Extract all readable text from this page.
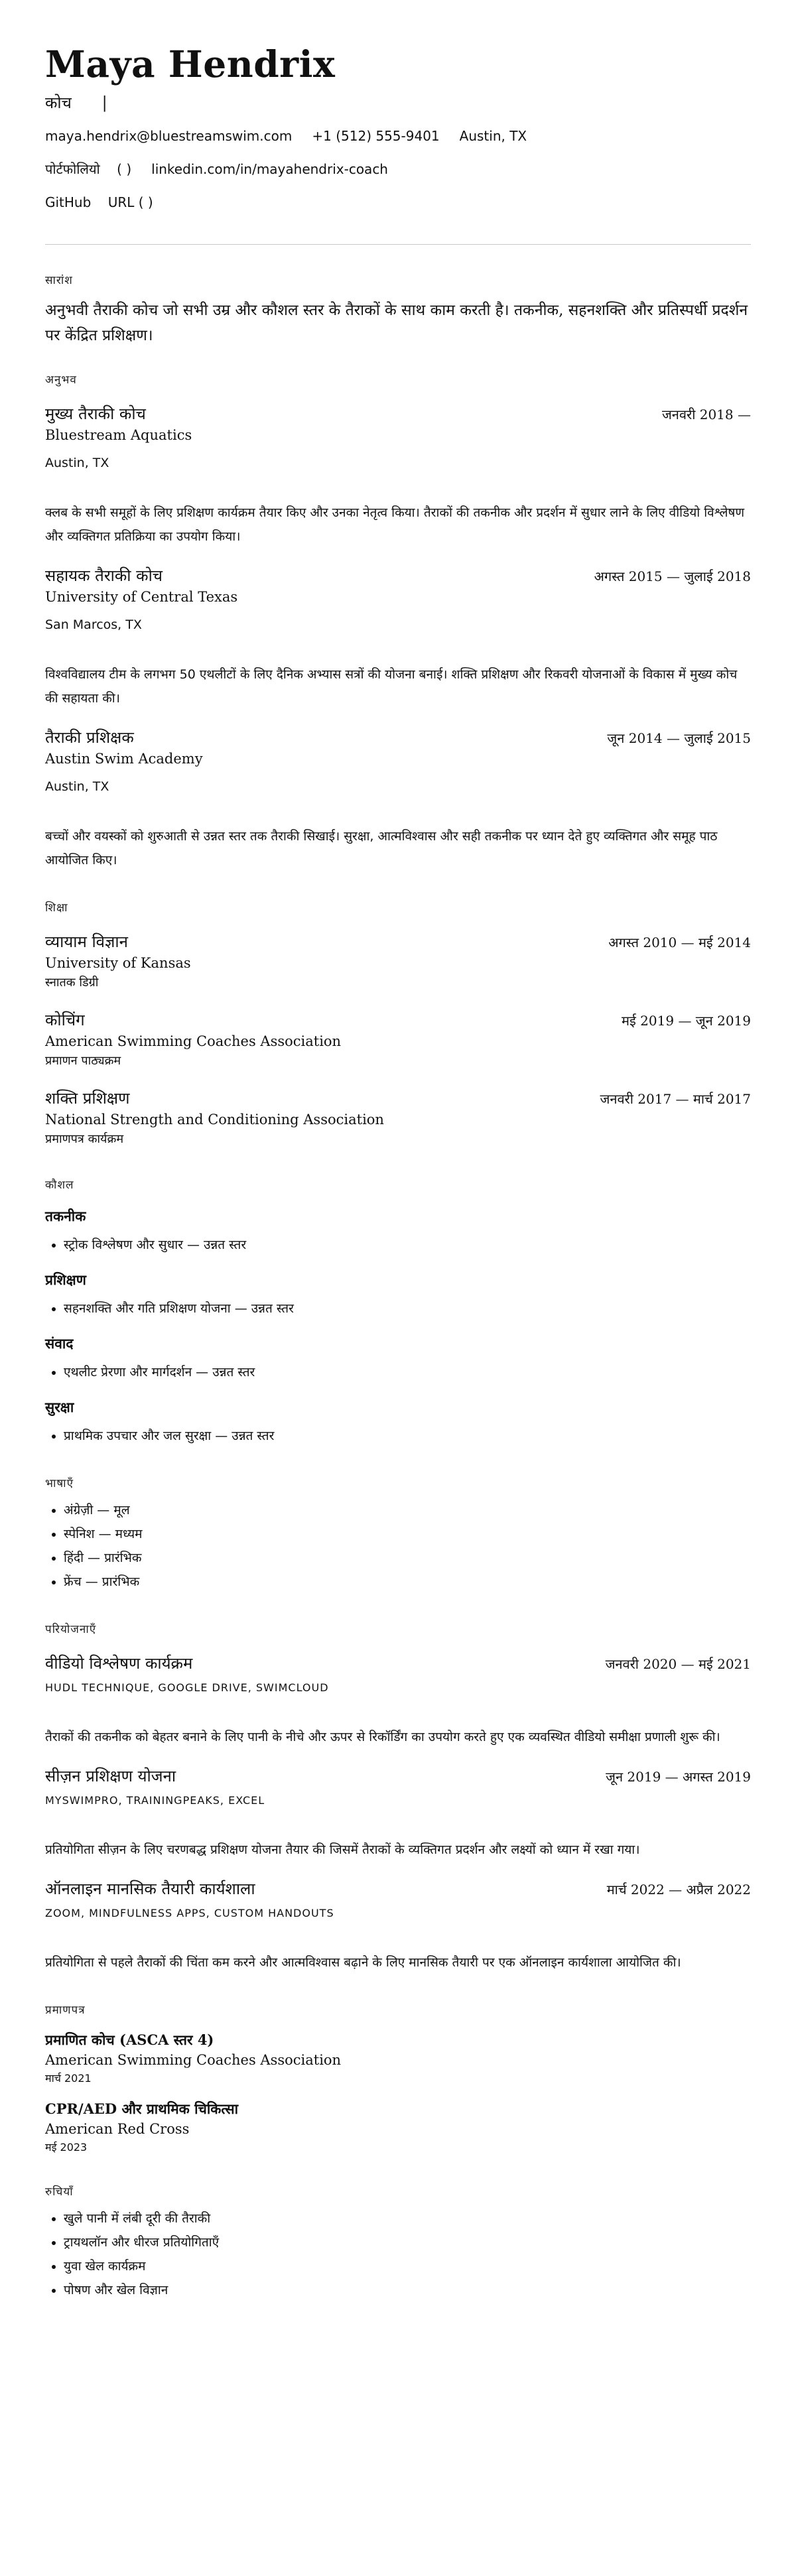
Maya Hendrix
कोच ‍ ‍ ‍ ‍ ‍ | ‍ ‍ ‍ ‍ ‍ ‍ ‍ ‍ ‍ ‍ ‍ ‍
maya.hendrix@bluestreamswim.com +1 (512) 555-9401 Austin, TX
पोर्टफोलियो ‍ ‍ ‍ (‍ ‍) linkedin.com/in/mayahendrix-coach
GitHub ‍ ‍ ‍ URL (‍ ‍) ‍ ‍ ‍ ‍ ‍ ‍ ‍
सारांश
अनुभवी तैराकी कोच जो सभी उम्र और कौशल स्तर के तैराकों के साथ काम करती है। तकनीक, सहनशक्ति और प्रतिस्पर्धी प्रदर्शन पर केंद्रित प्रशिक्षण।
अनुभव
मुख्य तैराकी कोच	जनवरी 2018 —
Bluestream Aquatics
Austin, TX
क्लब के सभी समूहों के लिए प्रशिक्षण कार्यक्रम तैयार किए और उनका नेतृत्व किया। तैराकों की तकनीक और प्रदर्शन में सुधार लाने के लिए वीडियो विश्लेषण और व्यक्तिगत प्रतिक्रिया का उपयोग किया।
सहायक तैराकी कोच	अगस्त 2015 — जुलाई 2018
University of Central Texas
San Marcos, TX
विश्वविद्यालय टीम के लगभग 50 एथलीटों के लिए दैनिक अभ्यास सत्रों की योजना बनाई। शक्ति प्रशिक्षण और रिकवरी योजनाओं के विकास में मुख्य कोच की सहायता की।
तैराकी प्रशिक्षक	जून 2014 — जुलाई 2015
Austin Swim Academy
Austin, TX
बच्चों और वयस्कों को शुरुआती से उन्नत स्तर तक तैराकी सिखाई। सुरक्षा, आत्मविश्वास और सही तकनीक पर ध्यान देते हुए व्यक्तिगत और समूह पाठ आयोजित किए।
शिक्षा
व्यायाम विज्ञान	अगस्त 2010 — मई 2014
University of Kansas
स्नातक डिग्री
कोचिंग	मई 2019 — जून 2019
American Swimming Coaches Association
प्रमाणन पाठ्यक्रम
शक्ति प्रशिक्षण	जनवरी 2017 — मार्च 2017
National Strength and Conditioning Association
प्रमाणपत्र कार्यक्रम
कौशल
तकनीक
• स्ट्रोक विश्लेषण और सुधार — उन्नत स्तर
प्रशिक्षण
• सहनशक्ति और गति प्रशिक्षण योजना — उन्नत स्तर
संवाद
• एथलीट प्रेरणा और मार्गदर्शन — उन्नत स्तर
सुरक्षा
• प्राथमिक उपचार और जल सुरक्षा — उन्नत स्तर
भाषाएँ
• अंग्रेज़ी — मूल
• स्पेनिश — मध्यम
• हिंदी — प्रारंभिक
• फ्रेंच — प्रारंभिक
परियोजनाएँ
वीडियो विश्लेषण कार्यक्रम	जनवरी 2020 — मई 2021
HUDL TECHNIQUE, GOOGLE DRIVE, SWIMCLOUD
तैराकों की तकनीक को बेहतर बनाने के लिए पानी के नीचे और ऊपर से रिकॉर्डिंग का उपयोग करते हुए एक व्यवस्थित वीडियो समीक्षा प्रणाली शुरू की।
सीज़न प्रशिक्षण योजना	जून 2019 — अगस्त 2019
MYSWIMPRO, TRAININGPEAKS, EXCEL
प्रतियोगिता सीज़न के लिए चरणबद्ध प्रशिक्षण योजना तैयार की जिसमें तैराकों के व्यक्तिगत प्रदर्शन और लक्ष्यों को ध्यान में रखा गया।
ऑनलाइन मानसिक तैयारी कार्यशाला	मार्च 2022 — अप्रैल 2022
ZOOM, MINDFULNESS APPS, CUSTOM HANDOUTS
प्रतियोगिता से पहले तैराकों की चिंता कम करने और आत्मविश्वास बढ़ाने के लिए मानसिक तैयारी पर एक ऑनलाइन कार्यशाला आयोजित की।
प्रमाणपत्र
प्रमाणित कोच (ASCA स्तर 4)
American Swimming Coaches Association
मार्च 2021
CPR/AED और प्राथमिक चिकित्सा
American Red Cross
मई 2023
रुचियाँ
• खुले पानी में लंबी दूरी की तैराकी
• ट्रायथलॉन और धीरज प्रतियोगिताएँ
• युवा खेल कार्यक्रम
• पोषण और खेल विज्ञान
